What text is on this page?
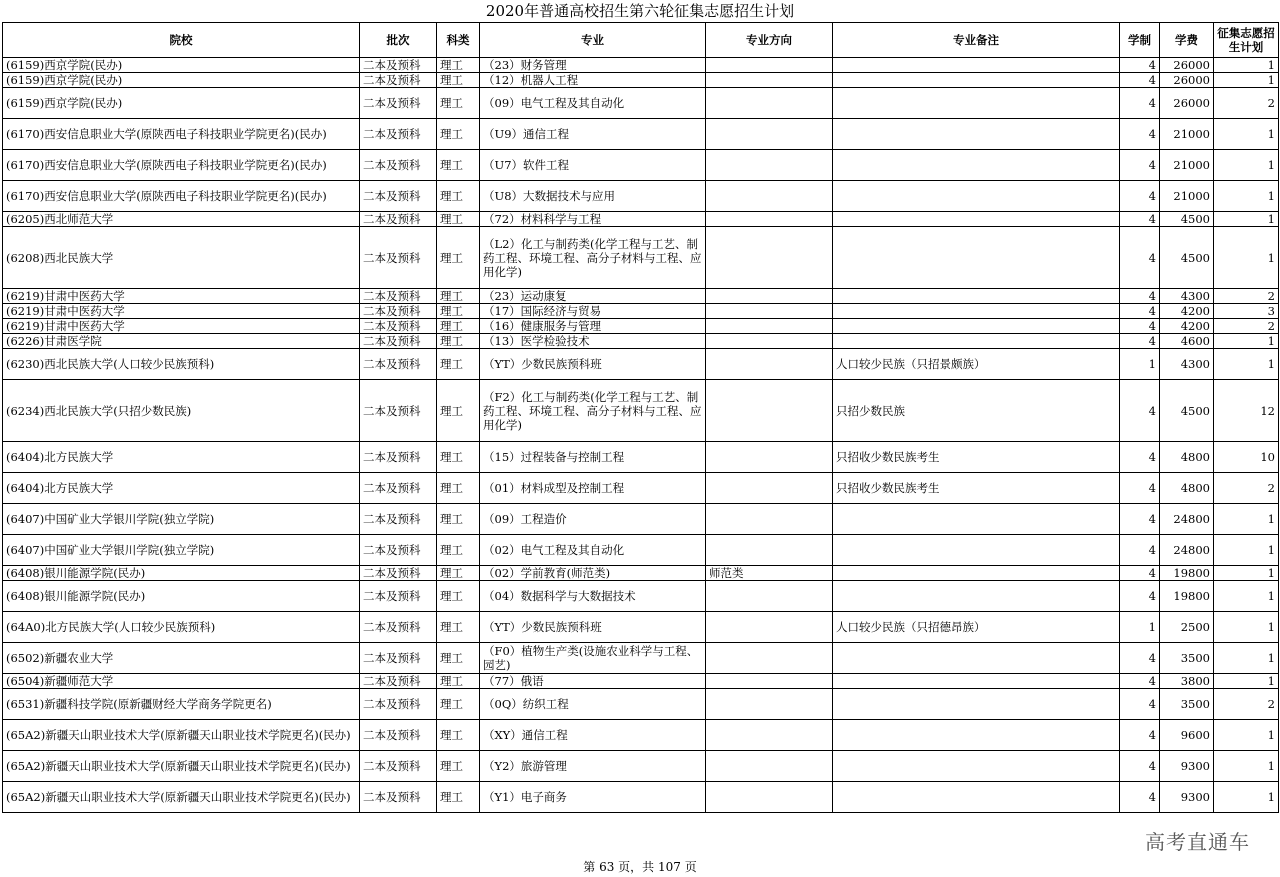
2020年普通高校招生第六轮征集志愿招生计划
院校	批次	科类	专业	专业方向	专业备注	学制	学费	征集志愿招生计划
(6159)西京学院(民办)	二本及预科	理工	（23）财务管理			4	26000	1
(6159)西京学院(民办)	二本及预科	理工	（12）机器人工程			4	26000	1
(6159)西京学院(民办)	二本及预科	理工	（09）电气工程及其自动化			4	26000	2
(6170)西安信息职业大学(原陕西电子科技职业学院更名)(民办)	二本及预科	理工	（U9）通信工程			4	21000	1
(6170)西安信息职业大学(原陕西电子科技职业学院更名)(民办)	二本及预科	理工	（U7）软件工程			4	21000	1
(6170)西安信息职业大学(原陕西电子科技职业学院更名)(民办)	二本及预科	理工	（U8）大数据技术与应用			4	21000	1
(6205)西北师范大学	二本及预科	理工	（72）材料科学与工程			4	4500	1
(6208)西北民族大学	二本及预科	理工	（L2）化工与制药类(化学工程与工艺、制药工程、环境工程、高分子材料与工程、应用化学)			4	4500	1
(6219)甘肃中医药大学	二本及预科	理工	（23）运动康复			4	4300	2
(6219)甘肃中医药大学	二本及预科	理工	（17）国际经济与贸易			4	4200	3
(6219)甘肃中医药大学	二本及预科	理工	（16）健康服务与管理			4	4200	2
(6226)甘肃医学院	二本及预科	理工	（13）医学检验技术			4	4600	1
(6230)西北民族大学(人口较少民族预科)	二本及预科	理工	（YT）少数民族预科班		人口较少民族（只招景颇族）	1	4300	1
(6234)西北民族大学(只招少数民族)	二本及预科	理工	（F2）化工与制药类(化学工程与工艺、制药工程、环境工程、高分子材料与工程、应用化学)		只招少数民族	4	4500	12
(6404)北方民族大学	二本及预科	理工	（15）过程装备与控制工程		只招收少数民族考生	4	4800	10
(6404)北方民族大学	二本及预科	理工	（01）材料成型及控制工程		只招收少数民族考生	4	4800	2
(6407)中国矿业大学银川学院(独立学院)	二本及预科	理工	（09）工程造价			4	24800	1
(6407)中国矿业大学银川学院(独立学院)	二本及预科	理工	（02）电气工程及其自动化			4	24800	1
(6408)银川能源学院(民办)	二本及预科	理工	（02）学前教育(师范类)	师范类		4	19800	1
(6408)银川能源学院(民办)	二本及预科	理工	（04）数据科学与大数据技术			4	19800	1
(64A0)北方民族大学(人口较少民族预科)	二本及预科	理工	（YT）少数民族预科班		人口较少民族（只招德昂族）	1	2500	1
(6502)新疆农业大学	二本及预科	理工	（F0）植物生产类(设施农业科学与工程、园艺)			4	3500	1
(6504)新疆师范大学	二本及预科	理工	（77）俄语			4	3800	1
(6531)新疆科技学院(原新疆财经大学商务学院更名)	二本及预科	理工	（0Q）纺织工程			4	3500	2
(65A2)新疆天山职业技术大学(原新疆天山职业技术学院更名)(民办)	二本及预科	理工	（XY）通信工程			4	9600	1
(65A2)新疆天山职业技术大学(原新疆天山职业技术学院更名)(民办)	二本及预科	理工	（Y2）旅游管理			4	9300	1
(65A2)新疆天山职业技术大学(原新疆天山职业技术学院更名)(民办)	二本及预科	理工	（Y1）电子商务			4	9300	1
高考直通车
第 63 页，共 107 页
